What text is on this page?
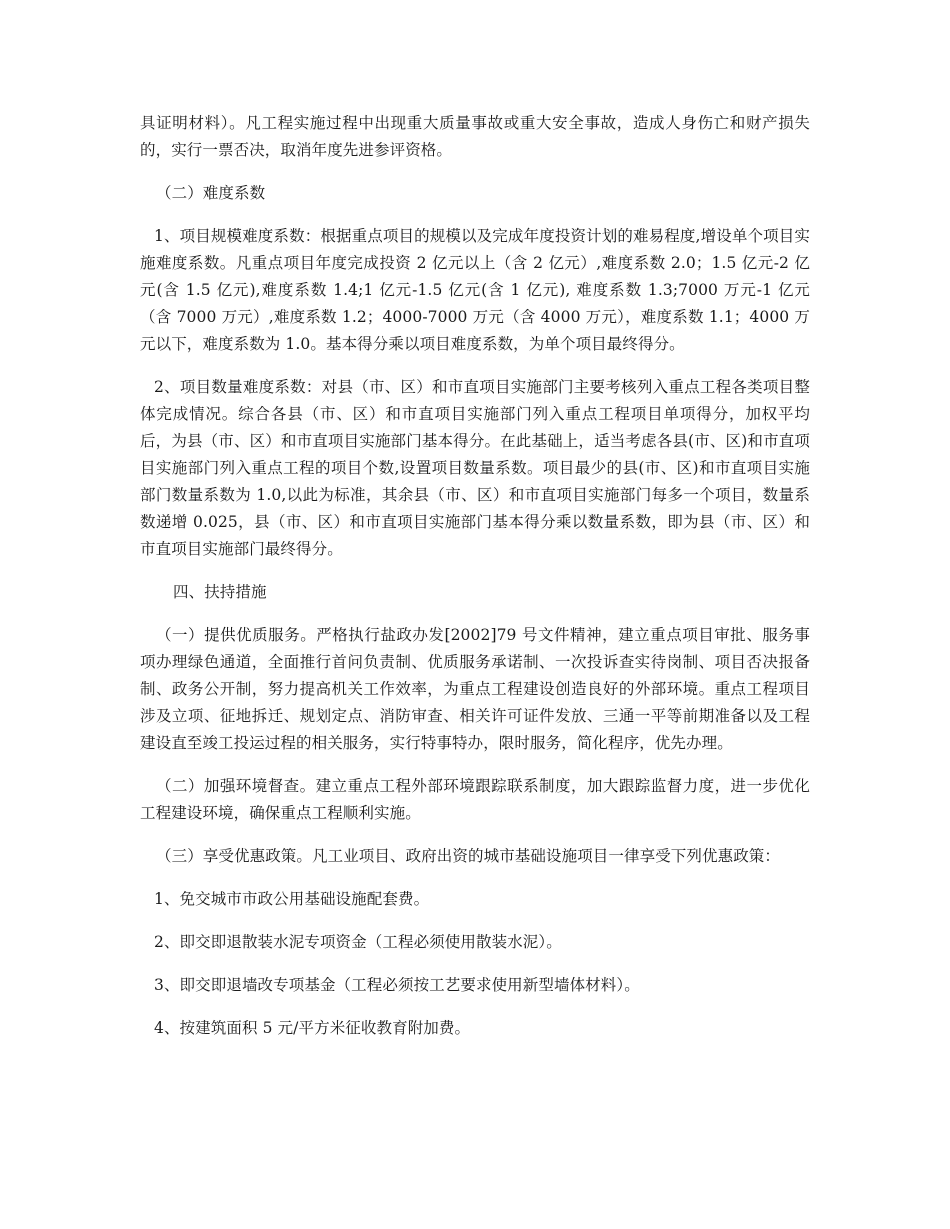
具证明材料）。凡工程实施过程中出现重大质量事故或重大安全事故，造成人身伤亡和财产损失的，实行一票否决，取消年度先进参评资格。

（二）难度系数

1、项目规模难度系数：根据重点项目的规模以及完成年度投资计划的难易程度,增设单个项目实施难度系数。凡重点项目年度完成投资 2 亿元以上（含 2 亿元）,难度系数 2.0；1.5 亿元-2 亿元(含 1.5 亿元),难度系数 1.4;1 亿元-1.5 亿元(含 1 亿元), 难度系数 1.3;7000 万元-1 亿元（含 7000 万元）,难度系数 1.2；4000-7000 万元（含 4000 万元），难度系数 1.1；4000 万元以下，难度系数为 1.0。基本得分乘以项目难度系数，为单个项目最终得分。

2、项目数量难度系数：对县（市、区）和市直项目实施部门主要考核列入重点工程各类项目整体完成情况。综合各县（市、区）和市直项目实施部门列入重点工程项目单项得分，加权平均后，为县（市、区）和市直项目实施部门基本得分。在此基础上，适当考虑各县(市、区)和市直项目实施部门列入重点工程的项目个数,设置项目数量系数。项目最少的县(市、区)和市直项目实施部门数量系数为 1.0,以此为标准，其余县（市、区）和市直项目实施部门每多一个项目，数量系数递增 0.025，县（市、区）和市直项目实施部门基本得分乘以数量系数，即为县（市、区）和市直项目实施部门最终得分。

四、扶持措施

（一）提供优质服务。严格执行盐政办发[2002]79 号文件精神，建立重点项目审批、服务事项办理绿色通道，全面推行首问负责制、优质服务承诺制、一次投诉查实待岗制、项目否决报备制、政务公开制，努力提高机关工作效率，为重点工程建设创造良好的外部环境。重点工程项目涉及立项、征地拆迁、规划定点、消防审查、相关许可证件发放、三通一平等前期准备以及工程建设直至竣工投运过程的相关服务，实行特事特办，限时服务，简化程序，优先办理。

（二）加强环境督查。建立重点工程外部环境跟踪联系制度，加大跟踪监督力度，进一步优化工程建设环境，确保重点工程顺利实施。

（三）享受优惠政策。凡工业项目、政府出资的城市基础设施项目一律享受下列优惠政策：

1、免交城市市政公用基础设施配套费。

2、即交即退散装水泥专项资金（工程必须使用散装水泥）。

3、即交即退墙改专项基金（工程必须按工艺要求使用新型墙体材料）。

4、按建筑面积 5 元/平方米征收教育附加费。
